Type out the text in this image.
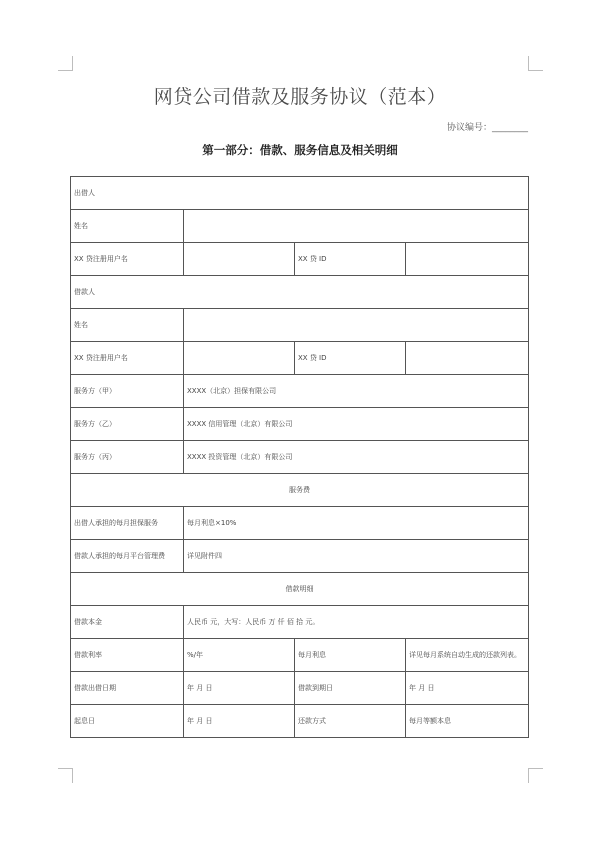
网贷公司借款及服务协议（范本）
协议编号：________
第一部分：借款、服务信息及相关明细
出借人			
姓名			
XX 贷注册用户名		XX 贷 ID	
借款人			
姓名			
XX 贷注册用户名		XX 贷 ID	
服务方（甲）	XXXX（北京）担保有限公司		
服务方（乙）	XXXX 信用管理（北京）有限公司		
服务方（丙）	XXXX 投资管理（北京）有限公司		
服务费			
出借人承担的每月担保服务	每月利息×10%		
借款人承担的每月平台管理费	详见附件四		
借款明细			
借款本金	人民币 元，大写：人民币 万 仟 佰 拾 元。		
借款利率	%/年	每月利息	详见每月系统自动生成的还款列表。
借款出借日期	年 月 日	借款到期日	年 月 日
起息日	年 月 日	还款方式	每月等额本息
